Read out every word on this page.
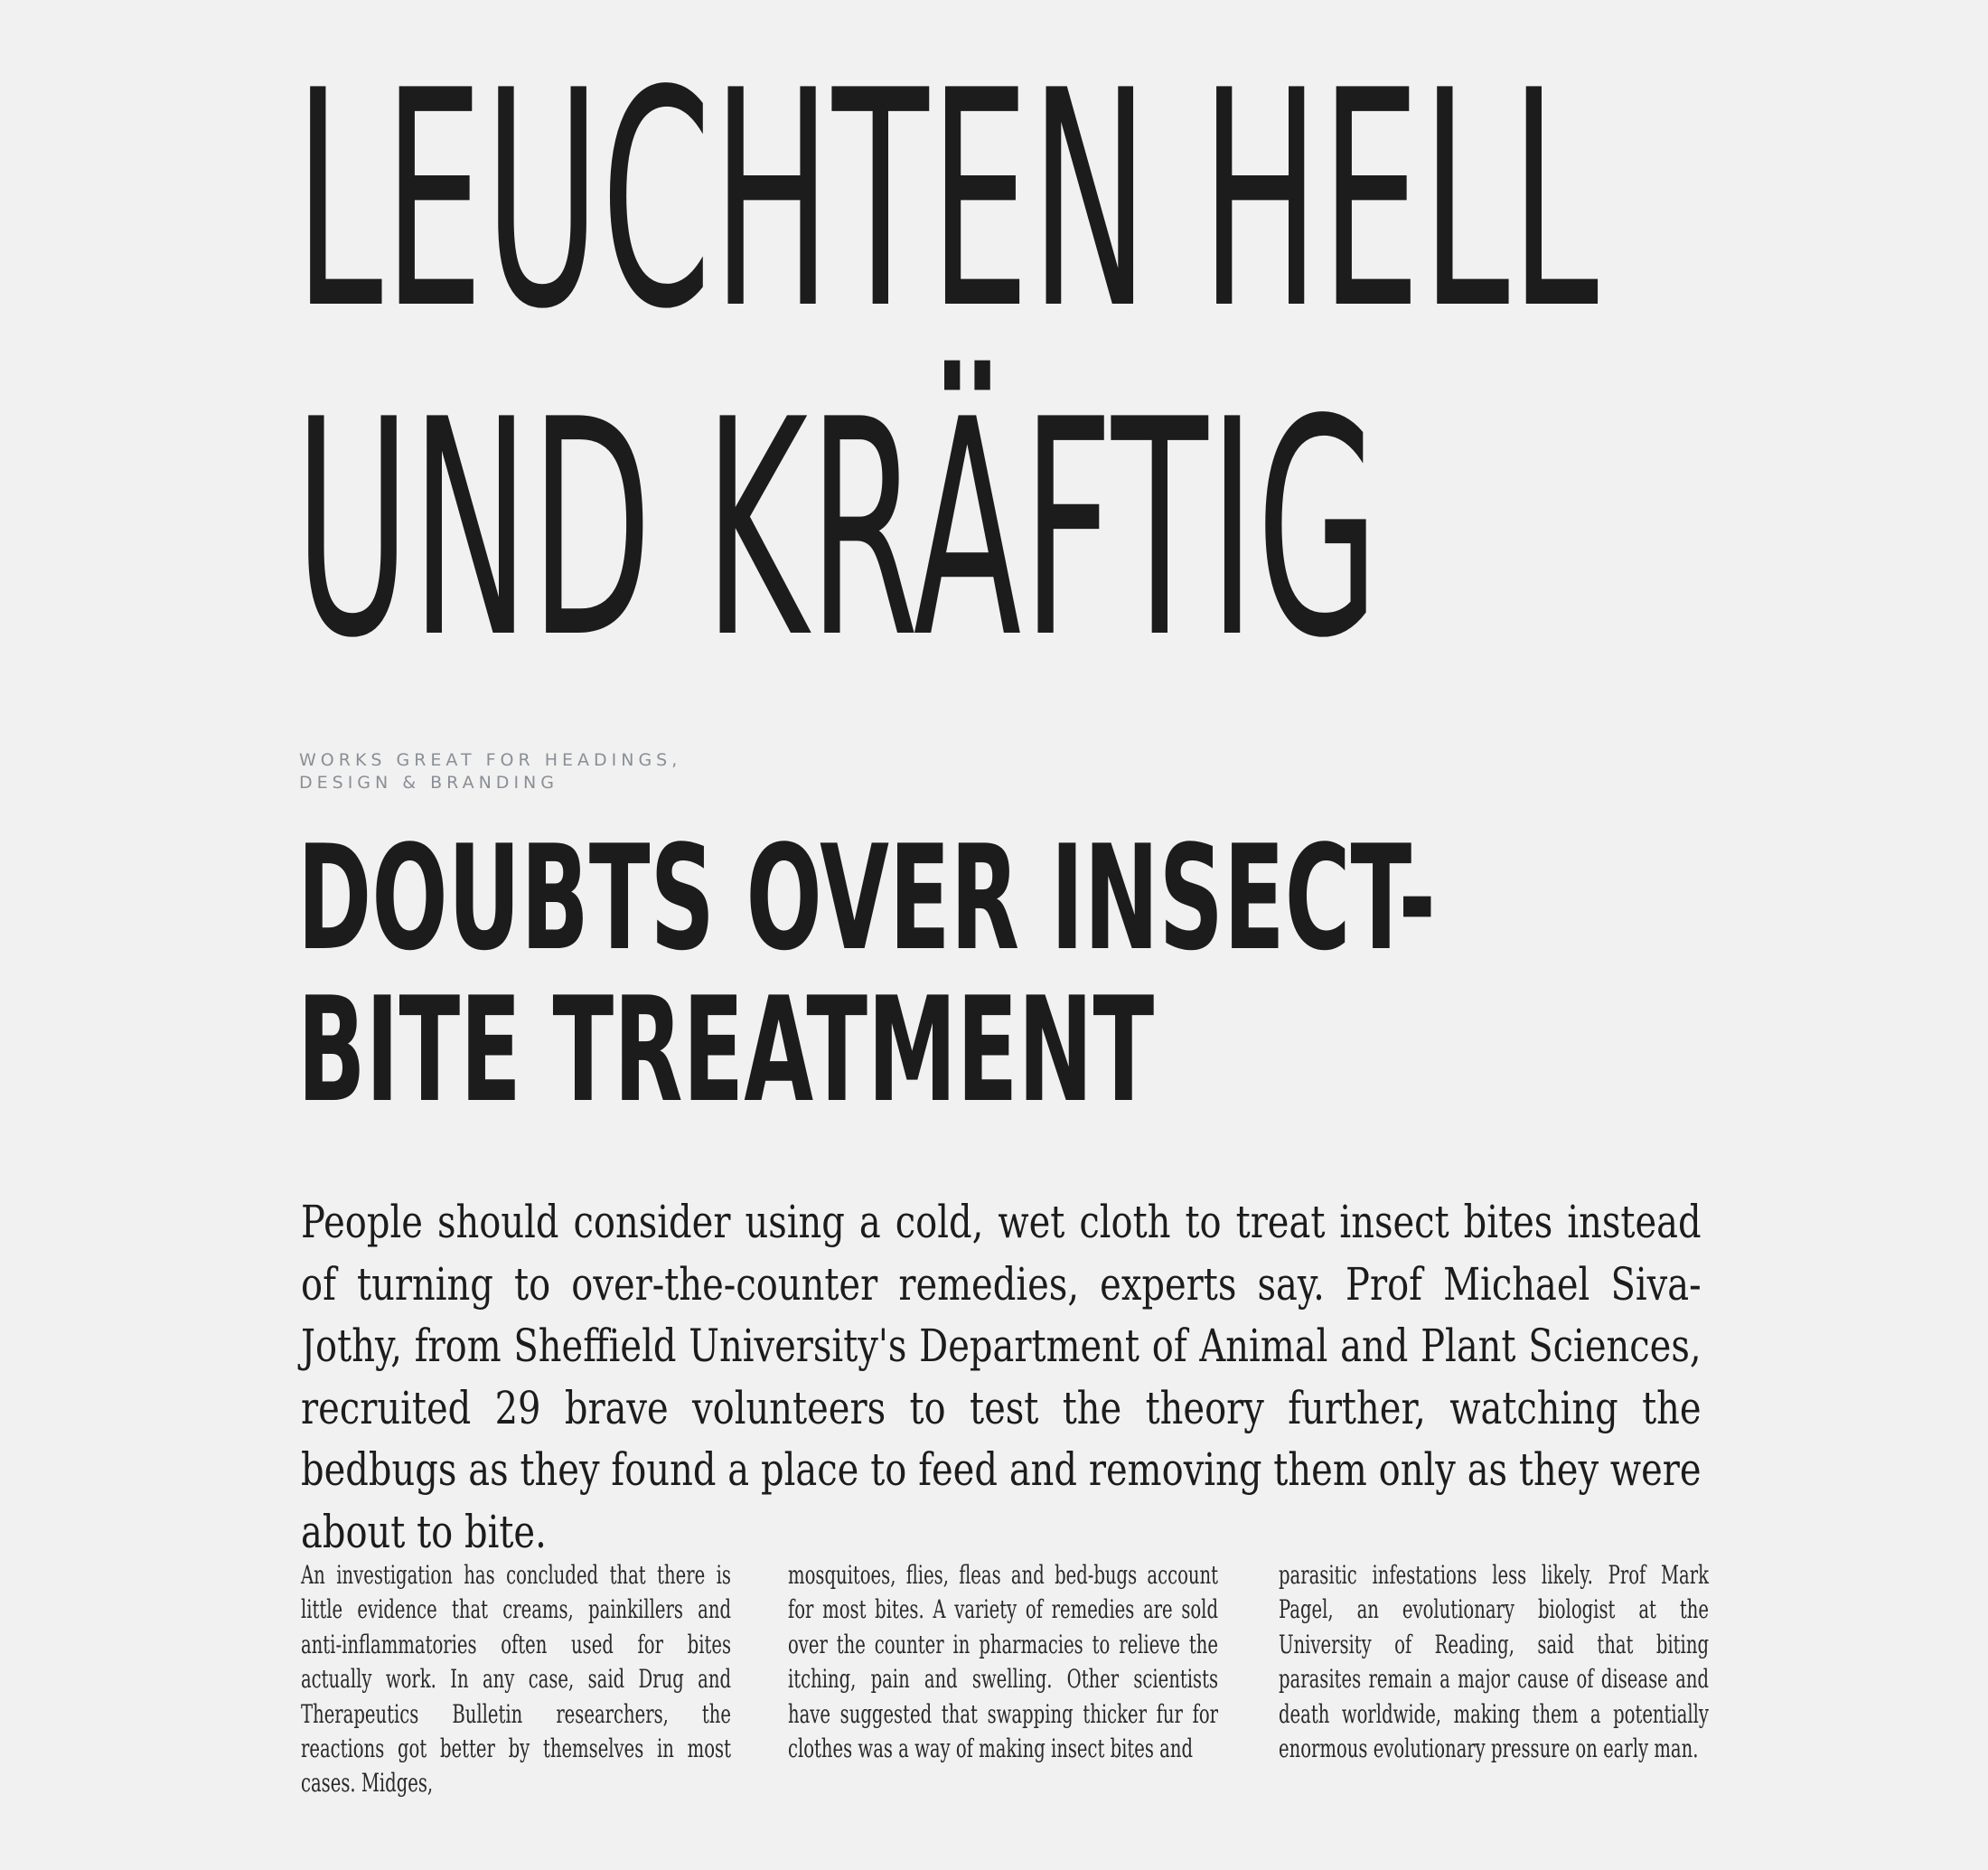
LEUCHTEN HELL
UND KRÄFTIG

WORKS GREAT FOR HEADINGS,
DESIGN & BRANDING

DOUBTS OVER INSECT-
BITE TREATMENT

People should consider using a cold, wet cloth to treat insect bites instead of turning to over-the-counter remedies, experts say. Prof Michael Siva-Jothy, from Sheffield University's Department of Animal and Plant Sciences, recruited 29 brave volunteers to test the theory further, watching the bedbugs as they found a place to feed and removing them only as they were about to bite.

An investigation has concluded that there is little evidence that creams, painkillers and anti-inflammatories often used for bites actually work. In any case, said Drug and Therapeutics Bulletin researchers, the reactions got better by themselves in most cases. Midges,

mosquitoes, flies, fleas and bed-bugs account for most bites. A variety of remedies are sold over the counter in pharmacies to relieve the itching, pain and swelling. Other scientists have suggested that swapping thicker fur for clothes was a way of making insect bites and

parasitic infestations less likely. Prof Mark Pagel, an evolutionary biologist at the University of Reading, said that biting parasites remain a major cause of disease and death worldwide, making them a potentially enormous evolutionary pressure on early man.
